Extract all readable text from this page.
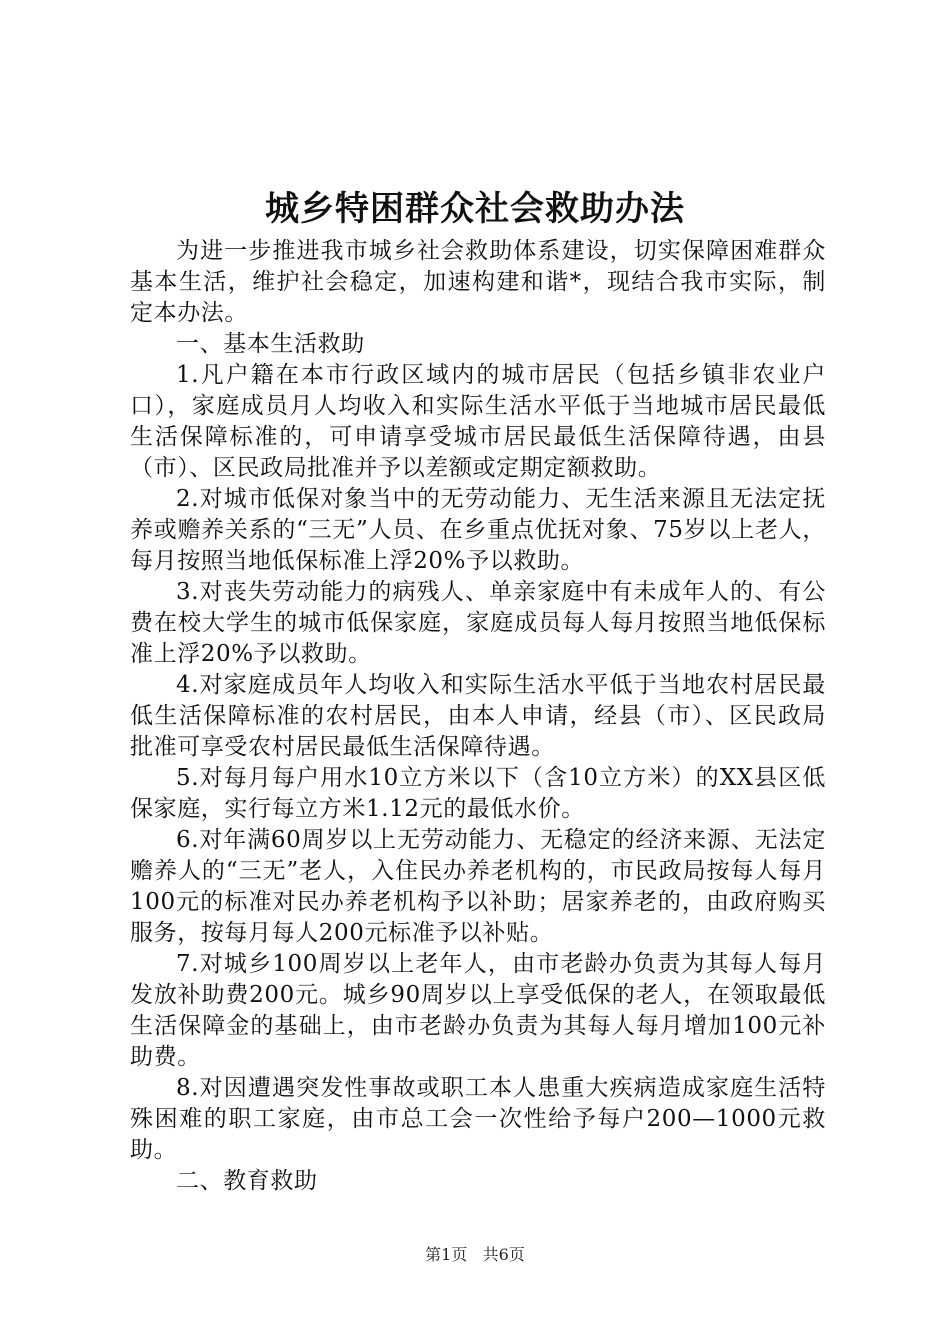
城乡特困群众社会救助办法

为进一步推进我市城乡社会救助体系建设，切实保障困难群众基本生活，维护社会稳定，加速构建和谐*，现结合我市实际，制定本办法。

一、基本生活救助

1.凡户籍在本市行政区域内的城市居民（包括乡镇非农业户口），家庭成员月人均收入和实际生活水平低于当地城市居民最低生活保障标准的，可申请享受城市居民最低生活保障待遇，由县（市）、区民政局批准并予以差额或定期定额救助。

2.对城市低保对象当中的无劳动能力、无生活来源且无法定抚养或赡养关系的“三无”人员、在乡重点优抚对象、75岁以上老人，每月按照当地低保标准上浮20%予以救助。

3.对丧失劳动能力的病残人、单亲家庭中有未成年人的、有公费在校大学生的城市低保家庭，家庭成员每人每月按照当地低保标准上浮20%予以救助。

4.对家庭成员年人均收入和实际生活水平低于当地农村居民最低生活保障标准的农村居民，由本人申请，经县（市）、区民政局批准可享受农村居民最低生活保障待遇。

5.对每月每户用水10立方米以下（含10立方米）的XX县区低保家庭，实行每立方米1.12元的最低水价。

6.对年满60周岁以上无劳动能力、无稳定的经济来源、无法定赡养人的“三无”老人，入住民办养老机构的，市民政局按每人每月100元的标准对民办养老机构予以补助；居家养老的，由政府购买服务，按每月每人200元标准予以补贴。

7.对城乡100周岁以上老年人，由市老龄办负责为其每人每月发放补助费200元。城乡90周岁以上享受低保的老人，在领取最低生活保障金的基础上，由市老龄办负责为其每人每月增加100元补助费。

8.对因遭遇突发性事故或职工本人患重大疾病造成家庭生活特殊困难的职工家庭，由市总工会一次性给予每户200—1000元救助。

二、教育救助

第1页 共6页
